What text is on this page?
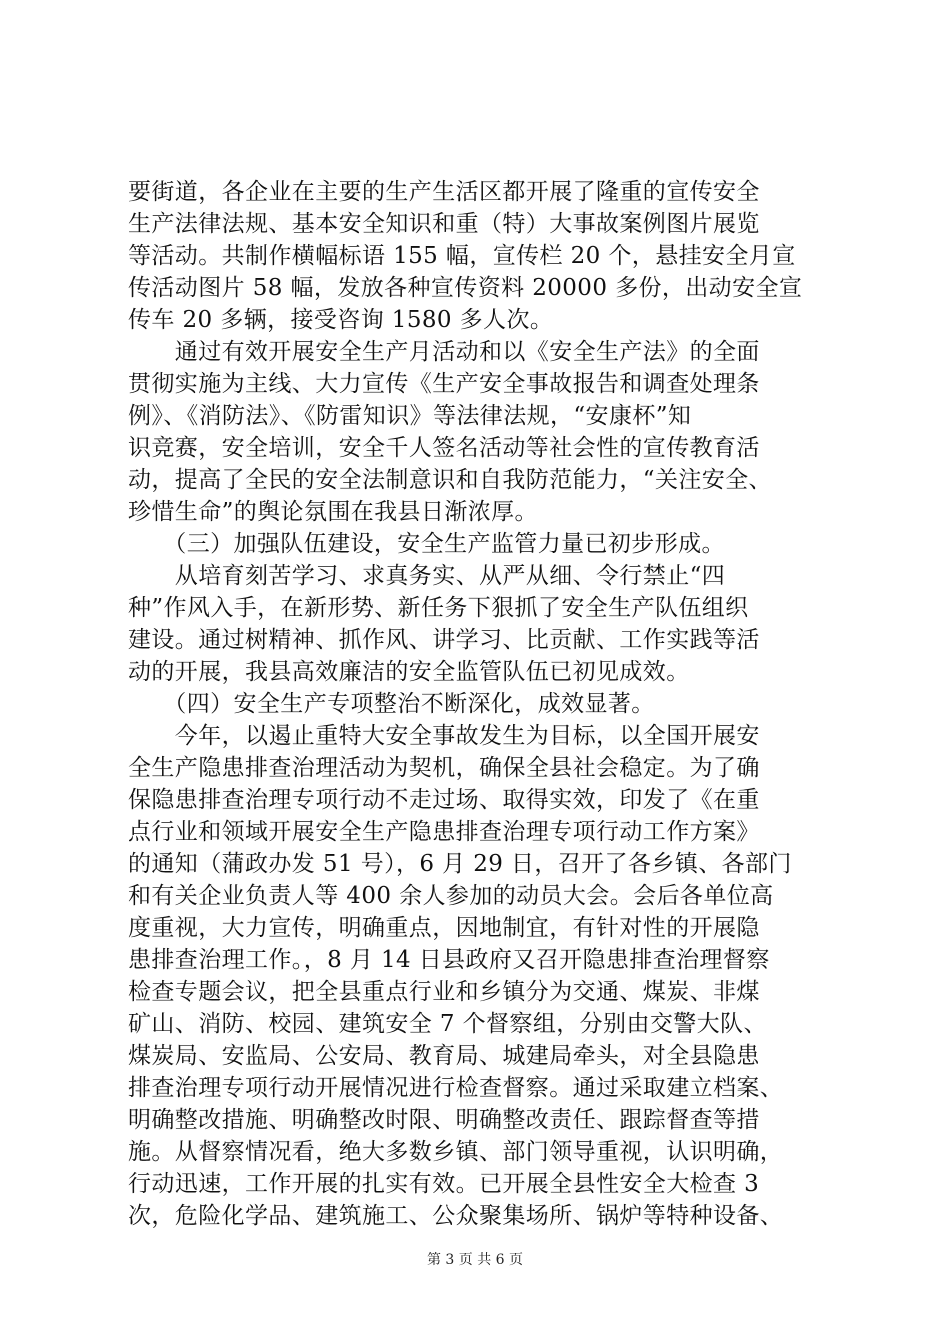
要街道，各企业在主要的生产生活区都开展了隆重的宣传安全
生产法律法规、基本安全知识和重（特）大事故案例图片展览
等活动。共制作横幅标语 155 幅，宣传栏 20 个，悬挂安全月宣
传活动图片 58 幅，发放各种宣传资料 20000 多份，出动安全宣
传车 20 多辆，接受咨询 1580 多人次。
　　通过有效开展安全生产月活动和以《安全生产法》的全面
贯彻实施为主线、大力宣传《生产安全事故报告和调查处理条
例》、《消防法》、《防雷知识》等法律法规，“安康杯”知
识竞赛，安全培训，安全千人签名活动等社会性的宣传教育活
动，提高了全民的安全法制意识和自我防范能力，“关注安全、
珍惜生命”的舆论氛围在我县日渐浓厚。
　　（三）加强队伍建设，安全生产监管力量已初步形成。
　　从培育刻苦学习、求真务实、从严从细、令行禁止“四
种”作风入手，在新形势、新任务下狠抓了安全生产队伍组织
建设。通过树精神、抓作风、讲学习、比贡献、工作实践等活
动的开展，我县高效廉洁的安全监管队伍已初见成效。
　　（四）安全生产专项整治不断深化，成效显著。
　　今年，以遏止重特大安全事故发生为目标，以全国开展安
全生产隐患排查治理活动为契机，确保全县社会稳定。为了确
保隐患排查治理专项行动不走过场、取得实效，印发了《在重
点行业和领域开展安全生产隐患排查治理专项行动工作方案》
的通知（蒲政办发 51 号），6 月 29 日，召开了各乡镇、各部门
和有关企业负责人等 400 余人参加的动员大会。会后各单位高
度重视，大力宣传，明确重点，因地制宜，有针对性的开展隐
患排查治理工作。，8 月 14 日县政府又召开隐患排查治理督察
检查专题会议，把全县重点行业和乡镇分为交通、煤炭、非煤
矿山、消防、校园、建筑安全 7 个督察组，分别由交警大队、
煤炭局、安监局、公安局、教育局、城建局牵头，对全县隐患
排查治理专项行动开展情况进行检查督察。通过采取建立档案、
明确整改措施、明确整改时限、明确整改责任、跟踪督查等措
施。从督察情况看，绝大多数乡镇、部门领导重视，认识明确，
行动迅速，工作开展的扎实有效。已开展全县性安全大检查 3
次，危险化学品、建筑施工、公众聚集场所、锅炉等特种设备、
第 3 页 共 6 页
